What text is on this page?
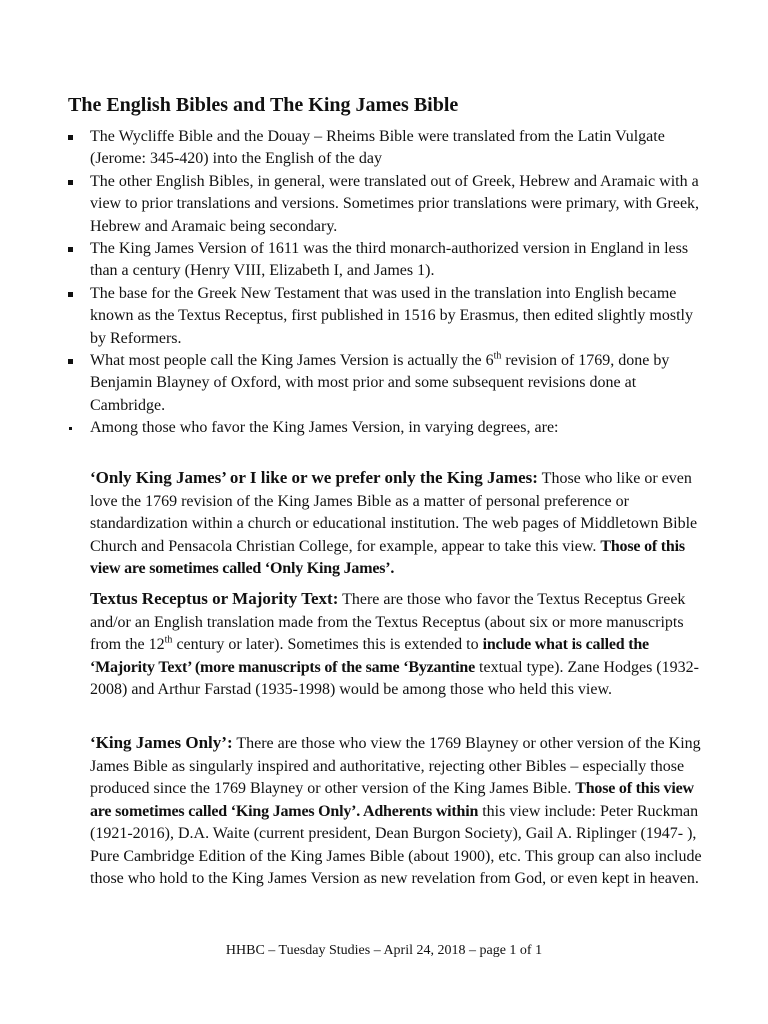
The English Bibles and The King James Bible
The Wycliffe Bible and the Douay – Rheims Bible were translated from the Latin Vulgate (Jerome: 345-420) into the English of the day
The other English Bibles, in general, were translated out of Greek, Hebrew and Aramaic with a view to prior translations and versions. Sometimes prior translations were primary, with Greek, Hebrew and Aramaic being secondary.
The King James Version of 1611 was the third monarch-authorized version in England in less than a century (Henry VIII, Elizabeth I, and James 1).
The base for the Greek New Testament that was used in the translation into English became known as the Textus Receptus, first published in 1516 by Erasmus, then edited slightly mostly by Reformers.
What most people call the King James Version is actually the 6th revision of 1769, done by Benjamin Blayney of Oxford, with most prior and some subsequent revisions done at Cambridge.
Among those who favor the King James Version, in varying degrees, are:

‘Only King James’ or I like or we prefer only the King James: Those who like or even love the 1769 revision of the King James Bible as a matter of personal preference or standardization within a church or educational institution. The web pages of Middletown Bible Church and Pensacola Christian College, for example, appear to take this view. Those of this view are sometimes called ‘Only King James’.

Textus Receptus or Majority Text: There are those who favor the Textus Receptus Greek and/or an English translation made from the Textus Receptus (about six or more manuscripts from the 12th century or later). Sometimes this is extended to include what is called the ‘Majority Text’ (more manuscripts of the same ‘Byzantine textual type). Zane Hodges (1932-2008) and Arthur Farstad (1935-1998) would be among those who held this view.

‘King James Only’: There are those who view the 1769 Blayney or other version of the King James Bible as singularly inspired and authoritative, rejecting other Bibles – especially those produced since the 1769 Blayney or other version of the King James Bible. Those of this view are sometimes called ‘King James Only’. Adherents within this view include: Peter Ruckman (1921-2016), D.A. Waite (current president, Dean Burgon Society), Gail A. Riplinger (1947- ), Pure Cambridge Edition of the King James Bible (about 1900), etc. This group can also include those who hold to the King James Version as new revelation from God, or even kept in heaven.

HHBC – Tuesday Studies – April 24, 2018 – page 1 of 1
